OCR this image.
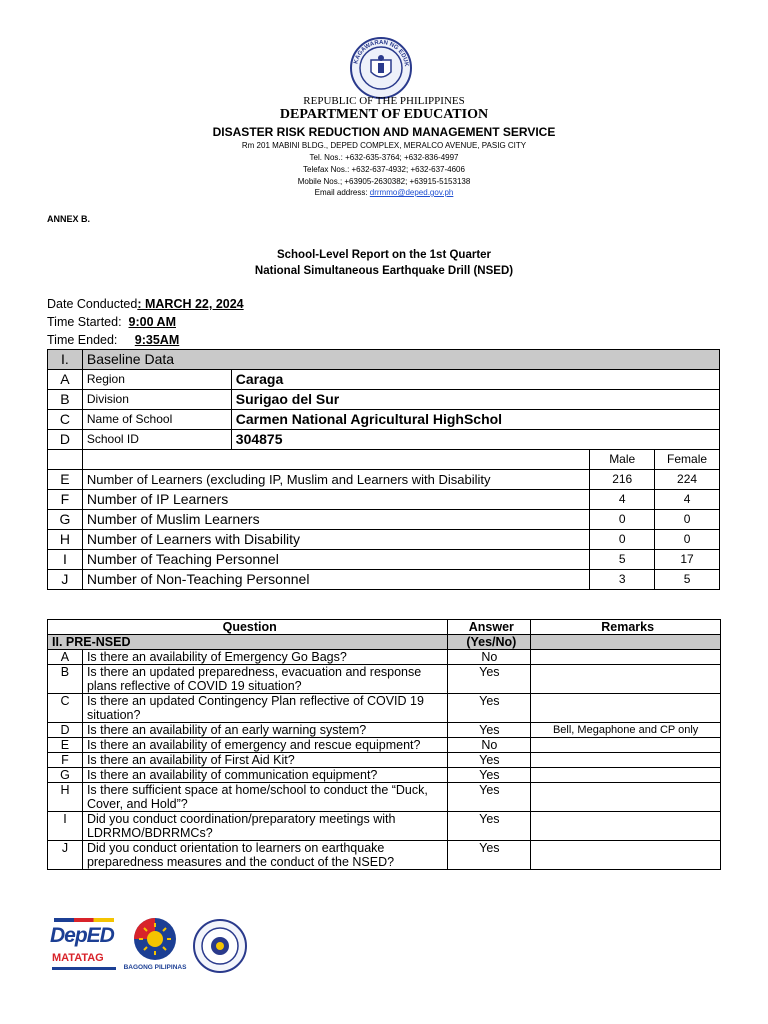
KAGAWARAN NG EDUK
REPUBLIC OF THE PHILIPPINES
DEPARTMENT OF EDUCATION
DISASTER RISK REDUCTION AND MANAGEMENT SERVICE
Rm 201 MABINI BLDG., DEPED COMPLEX, MERALCO AVENUE, PASIG CITY
Tel. Nos.: +632-635-3764; +632-836-4997
Telefax Nos.: +632-637-4932; +632-637-4606
Mobile Nos.; +63905-2630382; +63915-5153138
Email address: drrmmo@deped.gov.ph
ANNEX B.
School-Level Report on the 1st Quarter
National Simultaneous Earthquake Drill (NSED)
Date Conducted: MARCH 22, 2024
Time Started: 9:00 AM
Time Ended: 9:35AM
I.	Baseline Data			
A	Region	Caraga		
B	Division	Surigao del Sur		
C	Name of School	Carmen National Agricultural HighSchol		
D	School ID	304875		
			Male	Female
E	Number of Learners (excluding IP, Muslim and Learners with Disability		216	224
F	Number of IP Learners		4	4
G	Number of Muslim Learners		0	0
H	Number of Learners with Disability		0	0
I	Number of Teaching Personnel		5	17
J	Number of Non-Teaching Personnel		3	5
Question		Answer	Remarks
II. PRE-NSED		(Yes/No)	
A	Is there an availability of Emergency Go Bags?	No	
B	Is there an updated preparedness, evacuation and response plans reflective of COVID 19 situation?	Yes	
C	Is there an updated Contingency Plan reflective of COVID 19 situation?	Yes	
D	Is there an availability of an early warning system?	Yes	Bell, Megaphone and CP only
E	Is there an availability of emergency and rescue equipment?	No	
F	Is there an availability of First Aid Kit?	Yes	
G	Is there an availability of communication equipment?	Yes	
H	Is there sufficient space at home/school to conduct the “Duck, Cover, and Hold”?	Yes	
I	Did you conduct coordination/preparatory meetings with LDRRMO/BDRRMCs?	Yes	
J	Did you conduct orientation to learners on earthquake preparedness measures and the conduct of the NSED?	Yes	
DepED
MATATAG
BAGONG PILIPINAS
